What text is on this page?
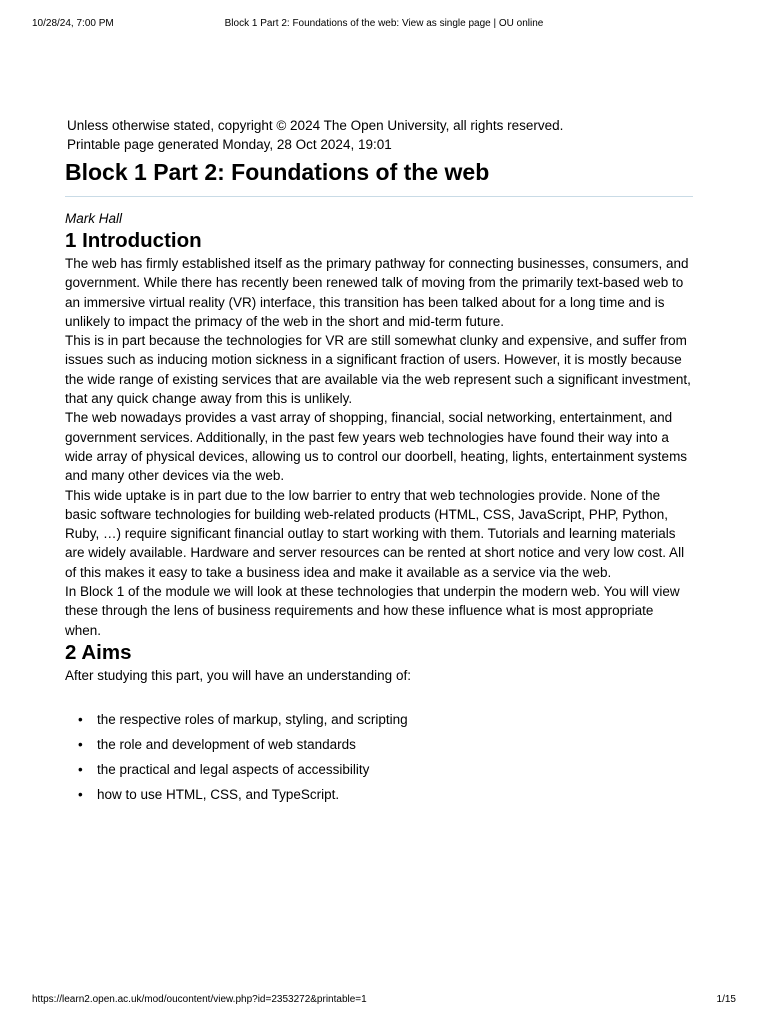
10/28/24, 7:00 PM	Block 1 Part 2: Foundations of the web: View as single page | OU online
Unless otherwise stated, copyright © 2024 The Open University, all rights reserved.
Printable page generated Monday, 28 Oct 2024, 19:01
Block 1 Part 2: Foundations of the web
Mark Hall
1 Introduction

The web has firmly established itself as the primary pathway for connecting businesses, consumers, and government. While there has recently been renewed talk of moving from the primarily text-based web to an immersive virtual reality (VR) interface, this transition has been talked about for a long time and is unlikely to impact the primacy of the web in the short and mid-term future.

This is in part because the technologies for VR are still somewhat clunky and expensive, and suffer from issues such as inducing motion sickness in a significant fraction of users. However, it is mostly because the wide range of existing services that are available via the web represent such a significant investment, that any quick change away from this is unlikely.

The web nowadays provides a vast array of shopping, financial, social networking, entertainment, and government services. Additionally, in the past few years web technologies have found their way into a wide array of physical devices, allowing us to control our doorbell, heating, lights, entertainment systems and many other devices via the web.

This wide uptake is in part due to the low barrier to entry that web technologies provide. None of the basic software technologies for building web-related products (HTML, CSS, JavaScript, PHP, Python, Ruby, …) require significant financial outlay to start working with them. Tutorials and learning materials are widely available. Hardware and server resources can be rented at short notice and very low cost. All of this makes it easy to take a business idea and make it available as a service via the web.

In Block 1 of the module we will look at these technologies that underpin the modern web. You will view these through the lens of business requirements and how these influence what is most appropriate when.

2 Aims

After studying this part, you will have an understanding of:

• the respective roles of markup, styling, and scripting
• the role and development of web standards
• the practical and legal aspects of accessibility
• how to use HTML, CSS, and TypeScript.
https://learn2.open.ac.uk/mod/oucontent/view.php?id=2353272&printable=1	1/15
